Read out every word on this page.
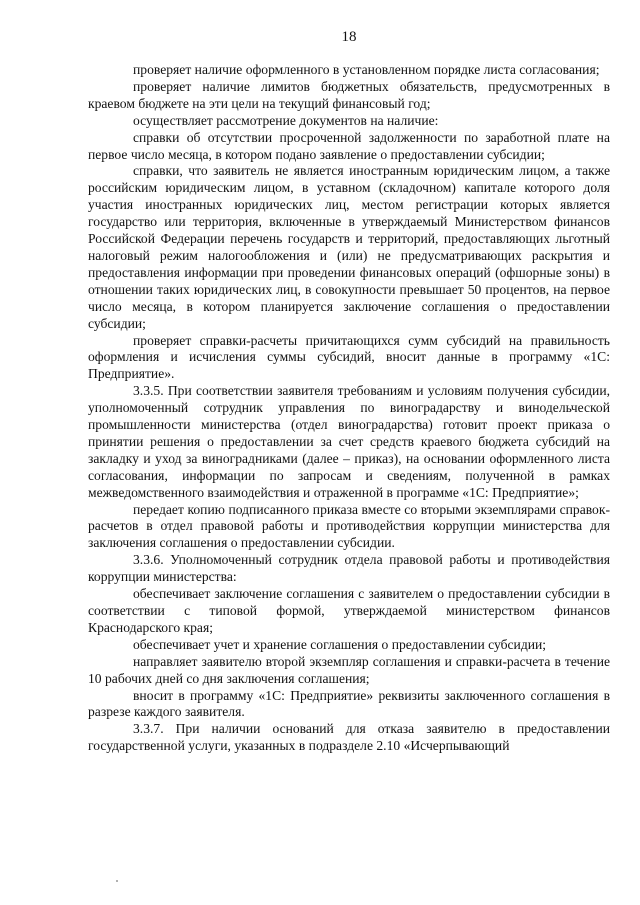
18

проверяет наличие оформленного в установленном порядке листа согласования;

проверяет наличие лимитов бюджетных обязательств, предусмотренных в краевом бюджете на эти цели на текущий финансовый год;

осуществляет рассмотрение документов на наличие:

справки об отсутствии просроченной задолженности по заработной плате на первое число месяца, в котором подано заявление о предоставлении субсидии;

справки, что заявитель не является иностранным юридическим лицом, а также российским юридическим лицом, в уставном (складочном) капитале которого доля участия иностранных юридических лиц, местом регистрации которых является государство или территория, включенные в утверждаемый Министерством финансов Российской Федерации перечень государств и территорий, предоставляющих льготный налоговый режим налогообложения и (или) не предусматривающих раскрытия и предоставления информации при проведении финансовых операций (офшорные зоны) в отношении таких юридических лиц, в совокупности превышает 50 процентов, на первое число месяца, в котором планируется заключение соглашения о предоставлении субсидии;

проверяет справки-расчеты причитающихся сумм субсидий на правильность оформления и исчисления суммы субсидий, вносит данные в программу «1С: Предприятие».

3.3.5. При соответствии заявителя требованиям и условиям получения субсидии, уполномоченный сотрудник управления по виноградарству и винодельческой промышленности министерства (отдел виноградарства) готовит проект приказа о принятии решения о предоставлении за счет средств краевого бюджета субсидий на закладку и уход за виноградниками (далее – приказ), на основании оформленного листа согласования, информации по запросам и сведениям, полученной в рамках межведомственного взаимодействия и отраженной в программе «1С: Предприятие»;

передает копию подписанного приказа вместе со вторыми экземплярами справок-расчетов в отдел правовой работы и противодействия коррупции министерства для заключения соглашения о предоставлении субсидии.

3.3.6. Уполномоченный сотрудник отдела правовой работы и противодействия коррупции министерства:

обеспечивает заключение соглашения с заявителем о предоставлении субсидии в соответствии с типовой формой, утверждаемой министерством финансов Краснодарского края;

обеспечивает учет и хранение соглашения о предоставлении субсидии;

направляет заявителю второй экземпляр соглашения и справки-расчета в течение 10 рабочих дней со дня заключения соглашения;

вносит в программу «1С: Предприятие» реквизиты заключенного соглашения в разрезе каждого заявителя.

3.3.7. При наличии оснований для отказа заявителю в предоставлении государственной услуги, указанных в подразделе 2.10 «Исчерпывающий
